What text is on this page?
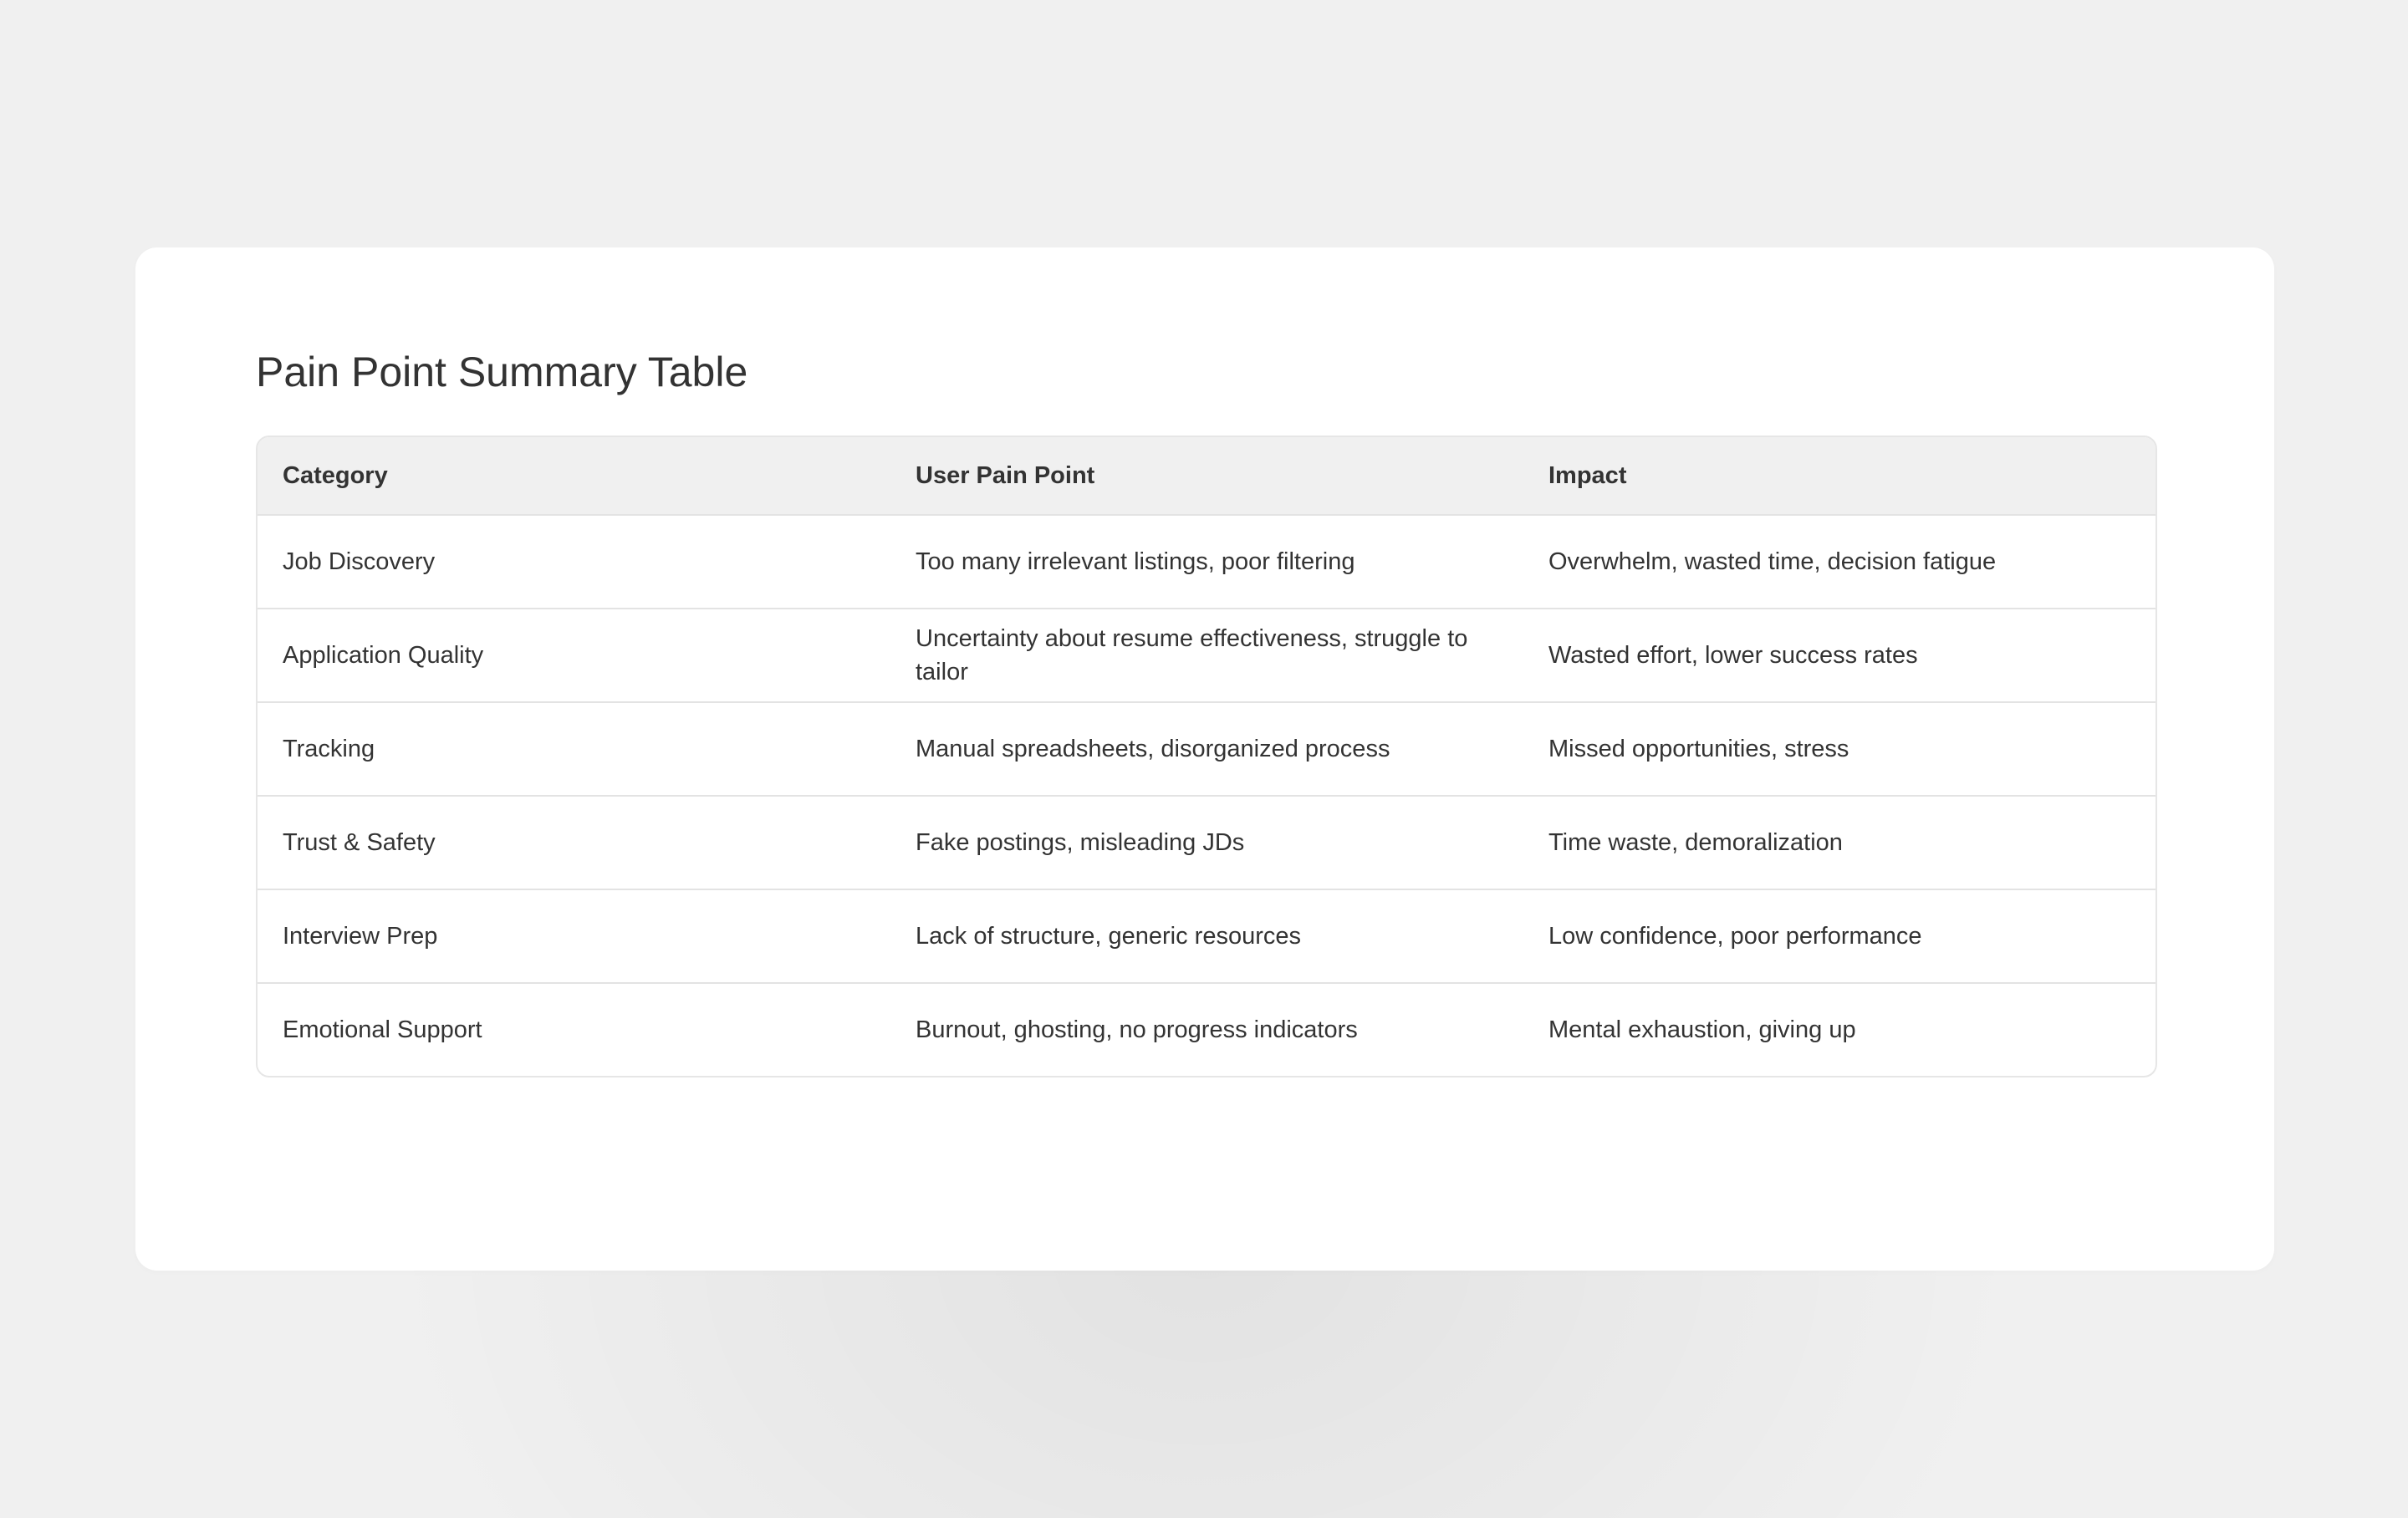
Pain Point Summary Table
Category	User Pain Point	Impact
Job Discovery	Too many irrelevant listings, poor filtering	Overwhelm, wasted time, decision fatigue
Application Quality	Uncertainty about resume effectiveness, struggle to tailor	Wasted effort, lower success rates
Tracking	Manual spreadsheets, disorganized process	Missed opportunities, stress
Trust & Safety	Fake postings, misleading JDs	Time waste, demoralization
Interview Prep	Lack of structure, generic resources	Low confidence, poor performance
Emotional Support	Burnout, ghosting, no progress indicators	Mental exhaustion, giving up
